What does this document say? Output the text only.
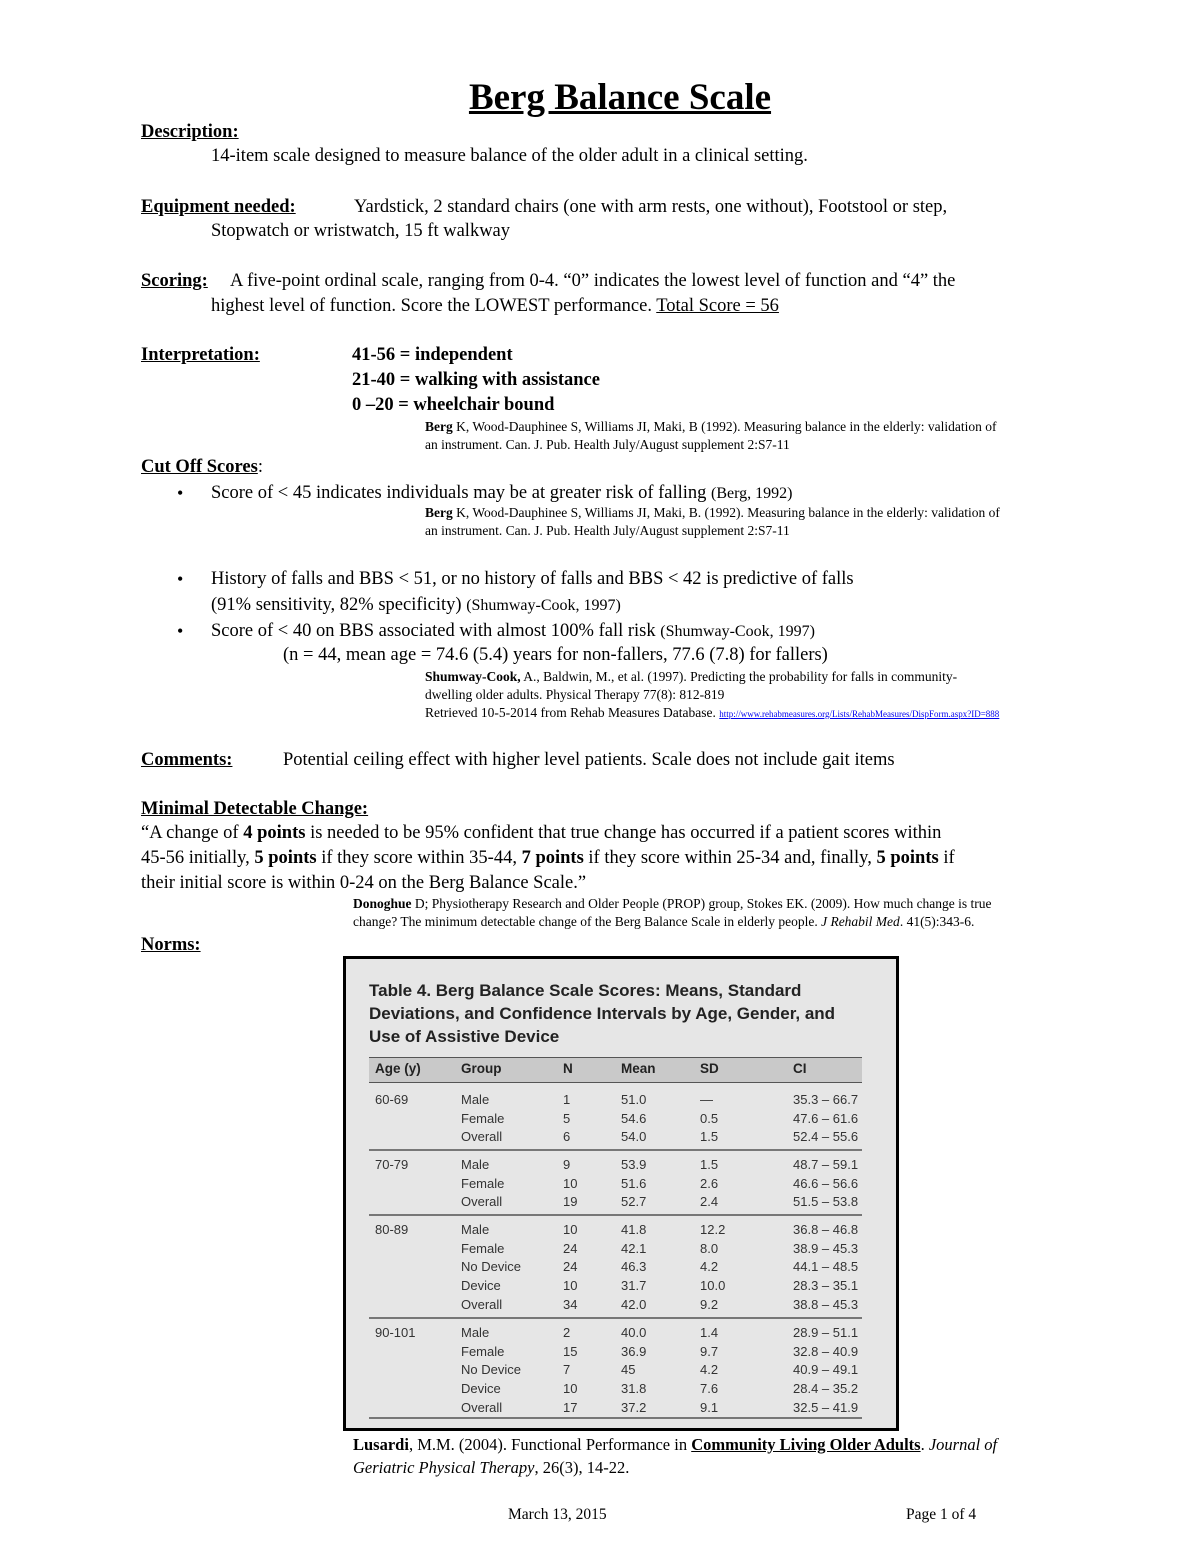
Berg Balance Scale
Description:
14-item scale designed to measure balance of the older adult in a clinical setting.
Equipment needed:	Yardstick, 2 standard chairs (one with arm rests, one without), Footstool or step,
Stopwatch or wristwatch, 15 ft walkway
Scoring: A five-point ordinal scale, ranging from 0-4. “0” indicates the lowest level of function and “4” the
highest level of function. Score the LOWEST performance. Total Score = 56
Interpretation:	41-56 = independent
21-40 = walking with assistance
0 –20 = wheelchair bound
Berg K, Wood-Dauphinee S, Williams JI, Maki, B (1992). Measuring balance in the elderly: validation of
an instrument. Can. J. Pub. Health July/August supplement 2:S7-11
Cut Off Scores:
• Score of < 45 indicates individuals may be at greater risk of falling (Berg, 1992)
Berg K, Wood-Dauphinee S, Williams JI, Maki, B. (1992). Measuring balance in the elderly: validation of
an instrument. Can. J. Pub. Health July/August supplement 2:S7-11
• History of falls and BBS < 51, or no history of falls and BBS < 42 is predictive of falls
(91% sensitivity, 82% specificity) (Shumway-Cook, 1997)
• Score of < 40 on BBS associated with almost 100% fall risk (Shumway-Cook, 1997)
(n = 44, mean age = 74.6 (5.4) years for non-fallers, 77.6 (7.8) for fallers)
Shumway-Cook, A., Baldwin, M., et al. (1997). Predicting the probability for falls in community-
dwelling older adults. Physical Therapy 77(8): 812-819
Retrieved 10-5-2014 from Rehab Measures Database. http://www.rehabmeasures.org/Lists/RehabMeasures/DispForm.aspx?ID=888
Comments:	Potential ceiling effect with higher level patients. Scale does not include gait items
Minimal Detectable Change:
“A change of 4 points is needed to be 95% confident that true change has occurred if a patient scores within
45-56 initially, 5 points if they score within 35-44, 7 points if they score within 25-34 and, finally, 5 points if
their initial score is within 0-24 on the Berg Balance Scale.”
Donoghue D; Physiotherapy Research and Older People (PROP) group, Stokes EK. (2009). How much change is true
change? The minimum detectable change of the Berg Balance Scale in elderly people. J Rehabil Med. 41(5):343-6.
Norms:
Table 4. Berg Balance Scale Scores: Means, Standard Deviations, and Confidence Intervals by Age, Gender, and Use of Assistive Device
Age (y)	Group	N	Mean	SD	CI
60-69	Male	1	51.0	—	35.3 – 66.7
Female	5	54.6	0.5	47.6 – 61.6
Overall	6	54.0	1.5	52.4 – 55.6
70-79	Male	9	53.9	1.5	48.7 – 59.1
Female	10	51.6	2.6	46.6 – 56.6
Overall	19	52.7	2.4	51.5 – 53.8
80-89	Male	10	41.8	12.2	36.8 – 46.8
Female	24	42.1	8.0	38.9 – 45.3
No Device	24	46.3	4.2	44.1 – 48.5
Device	10	31.7	10.0	28.3 – 35.1
Overall	34	42.0	9.2	38.8 – 45.3
90-101	Male	2	40.0	1.4	28.9 – 51.1
Female	15	36.9	9.7	32.8 – 40.9
No Device	7	45	4.2	40.9 – 49.1
Device	10	31.8	7.6	28.4 – 35.2
Overall	17	37.2	9.1	32.5 – 41.9
Lusardi, M.M. (2004). Functional Performance in Community Living Older Adults. Journal of
Geriatric Physical Therapy, 26(3), 14-22.
March 13, 2015	Page 1 of 4
